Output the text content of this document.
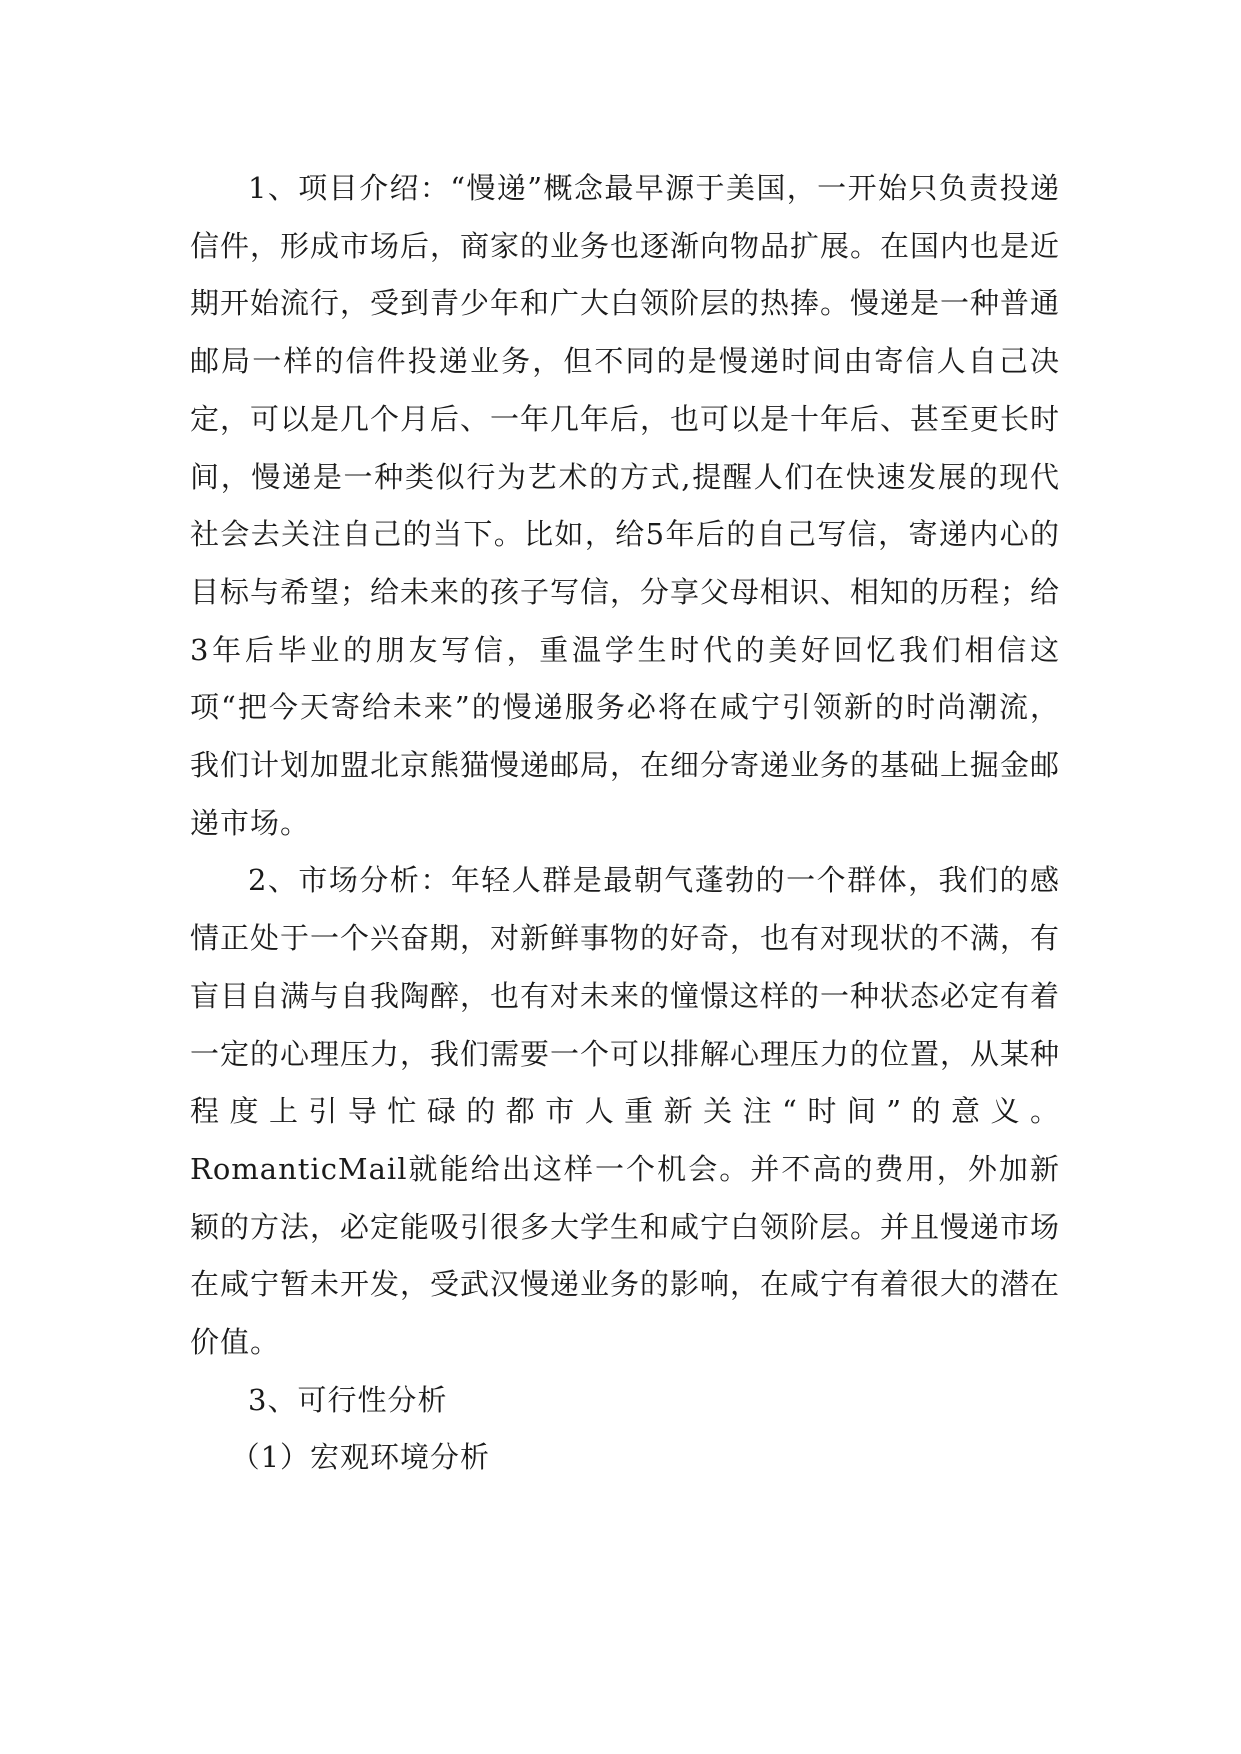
1、项目介绍：“慢递”概念最早源于美国，一开始只负责投递信件，形成市场后，商家的业务也逐渐向物品扩展。在国内也是近期开始流行，受到青少年和广大白领阶层的热捧。慢递是一种普通邮局一样的信件投递业务，但不同的是慢递时间由寄信人自己决定，可以是几个月后、一年几年后，也可以是十年后、甚至更长时间，慢递是一种类似行为艺术的方式,提醒人们在快速发展的现代社会去关注自己的当下。比如，给5年后的自己写信，寄递内心的目标与希望；给未来的孩子写信，分享父母相识、相知的历程；给3年后毕业的朋友写信，重温学生时代的美好回忆我们相信这项“把今天寄给未来”的慢递服务必将在咸宁引领新的时尚潮流，我们计划加盟北京熊猫慢递邮局，在细分寄递业务的基础上掘金邮递市场。

2、市场分析：年轻人群是最朝气蓬勃的一个群体，我们的感情正处于一个兴奋期，对新鲜事物的好奇，也有对现状的不满，有盲目自满与自我陶醉，也有对未来的憧憬这样的一种状态必定有着一定的心理压力，我们需要一个可以排解心理压力的位置，从某种程度上引导忙碌的都市人重新关注“时间”的意义。RomanticMail就能给出这样一个机会。并不高的费用，外加新颖的方法，必定能吸引很多大学生和咸宁白领阶层。并且慢递市场在咸宁暂未开发，受武汉慢递业务的影响，在咸宁有着很大的潜在价值。

3、可行性分析

（1）宏观环境分析
